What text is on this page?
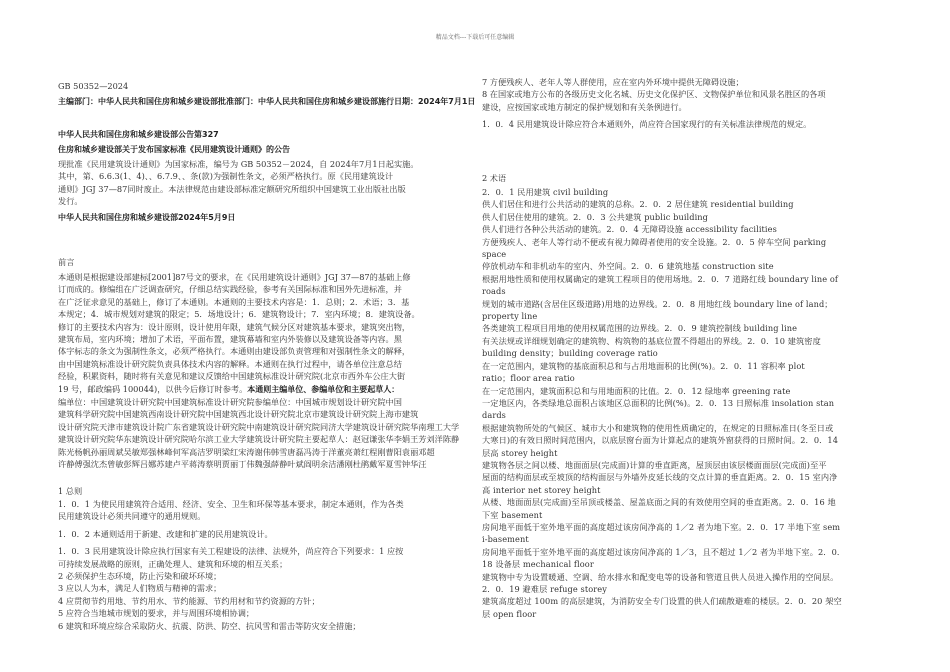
精品文档---下载后可任意编辑

GB 50352—2024

主编部门：中华人民共和国住房和城乡建设部批准部门：中华人民共和国住房和城乡建设部施行日期：2024年7月1日

中华人民共和国住房和城乡建设部公告第327

住房和城乡建设部关于发布国家标准《民用建筑设计通则》的公告

现批准《民用建筑设计通则》为国家标准，编号为 GB 50352－2024，自 2024年7月1日起实施。

其中，第、6.6.3(1、4)、、6.7.9、、条(款)为强制性条文，必须严格执行。原《民用建筑设计

通则》JGJ 37—87同时废止。本法律规范由建设部标准定额研究所组织中国建筑工业出版社出版

发行。

中华人民共和国住房和城乡建设部2024年5月9日

前言

本通则是根据建设部建标[2001]87号文的要求，在《民用建筑设计通则》JGJ 37—87的基础上修

订而成的。修编组在广泛调查研究，仔细总结实践经验，参考有关国际标准和国外先进标准，并

在广泛征求意见的基础上，修订了本通则。本通则的主要技术内容是：1．总则；2．术语；3．基

本规定；4．城市规划对建筑的限定；5．场地设计；6．建筑物设计；7．室内环境；8．建筑设备。

修订的主要技术内容为：设计原则，设计使用年限，建筑气候分区对建筑基本要求，建筑突出物，

建筑布局，室内环境；增加了术语，平面布置，建筑幕墙和室内外装修以及建筑设备等内容。黑

体字标志的条文为强制性条文，必须严格执行。本通则由建设部负责管理和对强制性条文的解释，

由中国建筑标准设计研究院负责具体技术内容的解释。本通则在执行过程中，请各单位注意总结

经验，积累资料，随时将有关意见和建议反馈给中国建筑标准设计研究院(北京市西外车公庄大街

19 号，邮政编码 100044)，以供今后修订时参考。本通则主编单位、参编单位和主要起草人：

编单位：中国建筑设计研究院中国建筑标准设计研究院参编单位：中国城市规划设计研究院中国

建筑科学研究院中国建筑西南设计研究院中国建筑西北设计研究院北京市建筑设计研究院上海市建筑

设计研究院天津市建筑设计院广东省建筑设计研究院中南建筑设计研究院同济大学建筑设计研究院华南理工大学

建筑设计研究院华东建筑设计研究院哈尔滨工业大学建筑设计研究院主要起草人：赵冠谦张华李娟王芳刘洋陈静

陈光杨帆孙丽周斌吴敏郑强林峰何军高洁罗明梁红宋涛谢伟韩雪唐磊冯涛于洋董亮萧红程刚曹阳袁丽邓超

许静傅强沈杰曾敏彭辉吕娜苏建卢平蒋涛蔡明贾丽丁伟魏强薛静叶斌阎明余洁潘刚杜鹃戴军夏雪钟华汪

1 总则

1．0．1 为使民用建筑符合适用、经济、安全、卫生和环保等基本要求，制定本通则，作为各类

民用建筑设计必须共同遵守的通用规则。

1．0．2 本通则适用于新建、改建和扩建的民用建筑设计。

1．0．3 民用建筑设计除应执行国家有关工程建设的法律、法规外，尚应符合下列要求：1 应按

可持续发展战略的原则，正确处理人、建筑和环境的相互关系；

2 必须保护生态环境，防止污染和破坏环境；

3 应以人为本，满足人们物质与精神的需求；

4 应贯彻节约用地、节约用水、节约能源、节约用材和节约资源的方针；

5 应符合当地城市规划的要求，并与周围环境相协调；

6 建筑和环境应综合采取防火、抗震、防洪、防空、抗风雪和雷击等防灾安全措施；

7 方便残疾人、老年人等人群使用，应在室内外环境中提供无障碍设施；

8 在国家或地方公布的各级历史文化名城、历史文化保护区、文物保护单位和风景名胜区的各项

建设，应按国家或地方制定的保护规划和有关条例进行。

1．0．4 民用建筑设计除应符合本通则外，尚应符合国家现行的有关标准法律规范的规定。

2 术语

2．0．1 民用建筑 civil building

供人们居住和进行公共活动的建筑的总称。2．0．2 居住建筑 residential building

供人们居住使用的建筑。2．0．3 公共建筑 public building

供人们进行各种公共活动的建筑。2．0．4 无障碍设施 accessibility facilities

方便残疾人、老年人等行动不便或有视力障碍者使用的安全设施。2．0．5 停车空间 parking

space

停放机动车和非机动车的室内、外空间。2．0．6 建筑地基 construction site

根据用地性质和使用权属确定的建筑工程项目的使用场地。2．0．7 道路红线 boundary line of

roads

规划的城市道路(含居住区级道路)用地的边界线。2．0．8 用地红线 boundary line of land；

property line

各类建筑工程项目用地的使用权属范围的边界线。2．0．9 建筑控制线 building line

有关法规或详细规划确定的建筑物、构筑物的基底位置不得超出的界线。2．0．10 建筑密度

building density；building coverage ratio

在一定范围内，建筑物的基底面积总和与占用地面积的比例(%)。2．0．11 容积率 plot

ratio；floor area ratio

在一定范围内，建筑面积总和与用地面积的比值。2．0．12 绿地率 greening rate

一定地区内，各类绿地总面积占该地区总面积的比例(%)。2．0．13 日照标准 insolation stan

dards

根据建筑物所处的气候区、城市大小和建筑物的使用性质确定的，在规定的日照标准日(冬至日或

大寒日)的有效日照时间范围内，以底层窗台面为计算起点的建筑外窗获得的日照时间。2．0．14

层高 storey height

建筑物各层之间以楼、地面面层(完成面)计算的垂直距离，屋顶层由该层楼面面层(完成面)至平

屋面的结构面层或至坡顶的结构面层与外墙外皮延长线的交点计算的垂直距离。2．0．15 室内净

高 interior net storey height

从楼、地面面层(完成面)至吊顶或楼盖、屋盖底面之间的有效使用空间的垂直距离。2．0．16 地

下室 basement

房间地平面低于室外地平面的高度超过该房间净高的 1／2 者为地下室。2．0．17 半地下室 sem

i-basement

房间地平面低于室外地平面的高度超过该房间净高的 1／3，且不超过 1／2 者为半地下室。2．0．

18 设备层 mechanical floor

建筑物中专为设置暖通、空调、给水排水和配变电等的设备和管道且供人员进入操作用的空间层。

2．0．19 避难层 refuge storey

建筑高度超过 100m 的高层建筑，为消防安全专门设置的供人们疏散避难的楼层。2．0．20 架空

层 open floor
